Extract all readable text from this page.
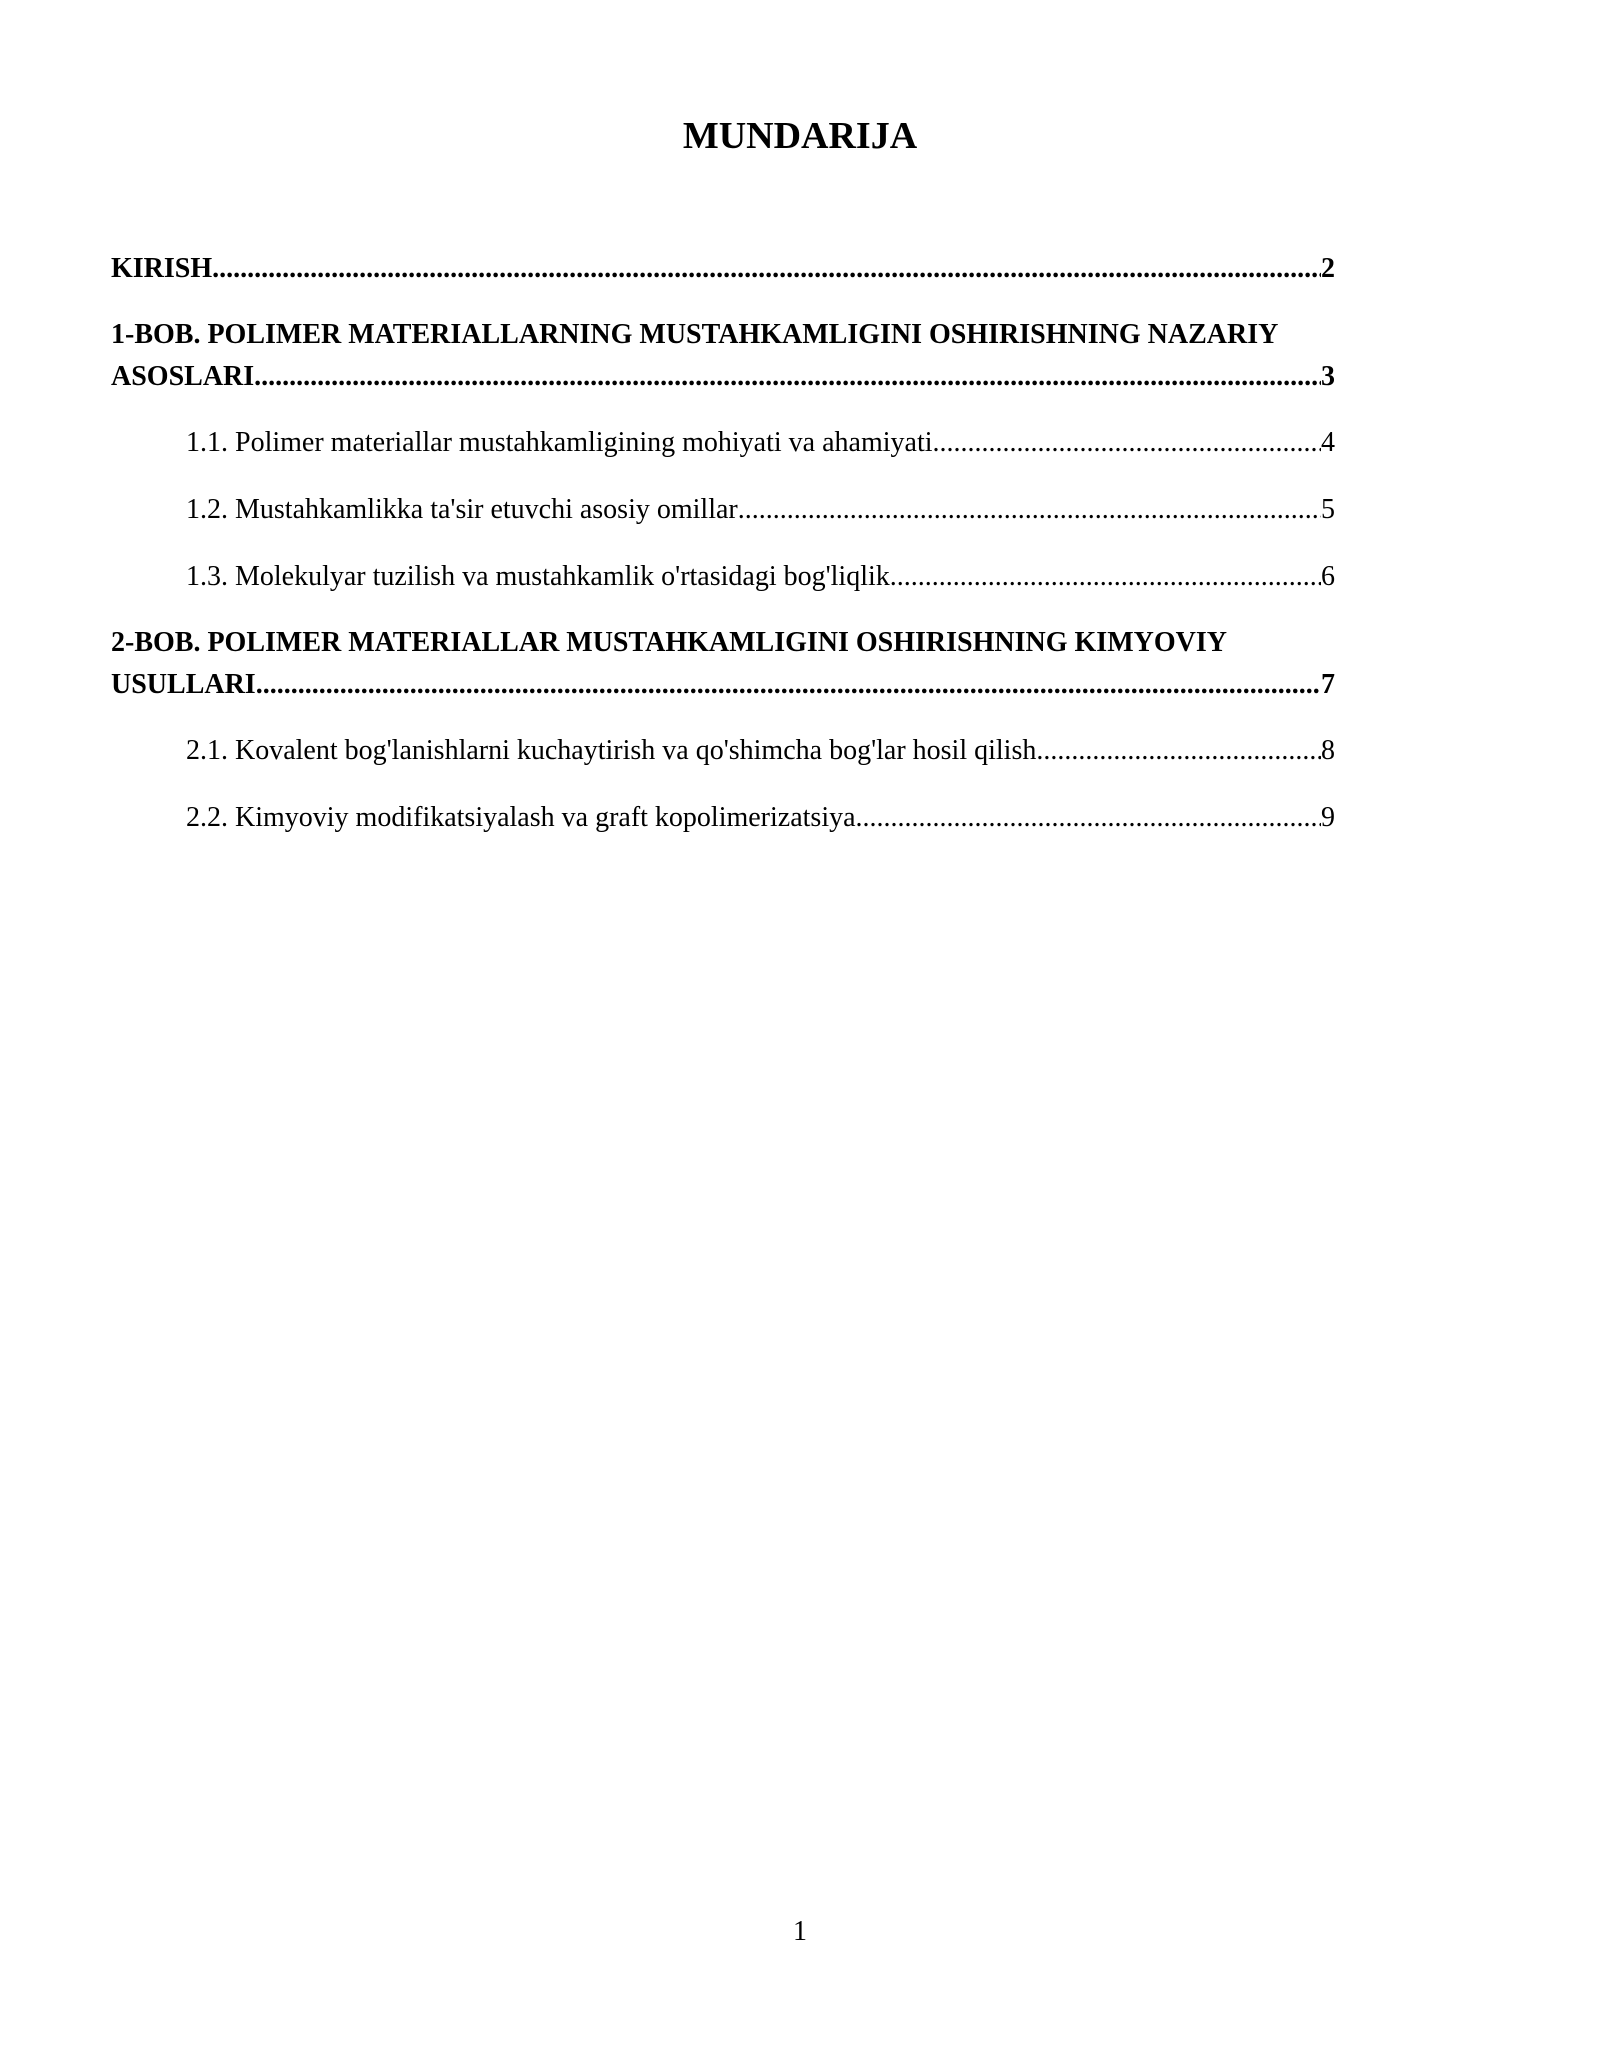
MUNDARIJA
KIRISH .....	2
1-BOB. POLIMER MATERIALLARNING MUSTAHKAMLIGINI OSHIRISHNING NAZARIY
ASOSLARI .....	3
1.1. Polimer materiallar mustahkamligining mohiyati va ahamiyati .....	4
1.2. Mustahkamlikka ta'sir etuvchi asosiy omillar .....	5
1.3. Molekulyar tuzilish va mustahkamlik o'rtasidagi bog'liqlik .....	6
2-BOB. POLIMER MATERIALLAR MUSTAHKAMLIGINI OSHIRISHNING KIMYOVIY
USULLARI .....	7
2.1. Kovalent bog'lanishlarni kuchaytirish va qo'shimcha bog'lar hosil qilish .....	8
2.2. Kimyoviy modifikatsiyalash va graft kopolimerizatsiya .....	9
1
